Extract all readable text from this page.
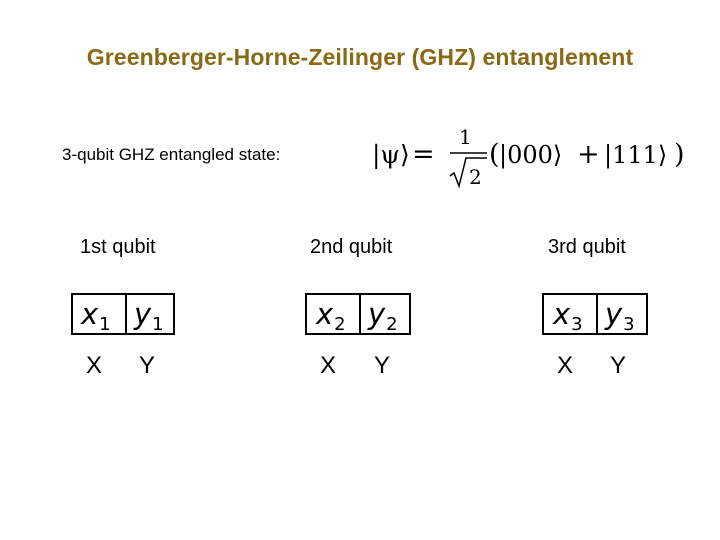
Greenberger-Horne-Zeilinger (GHZ) entanglement
3-qubit GHZ entangled state:	|ψ⟩ =
1
2
( |000⟩ + |111⟩ )
1st qubit
$x_1$ $y_1$
X Y
2nd qubit
$x_2$ $y_2$
X Y
3rd qubit
$x_3$ $y_3$
X Y
